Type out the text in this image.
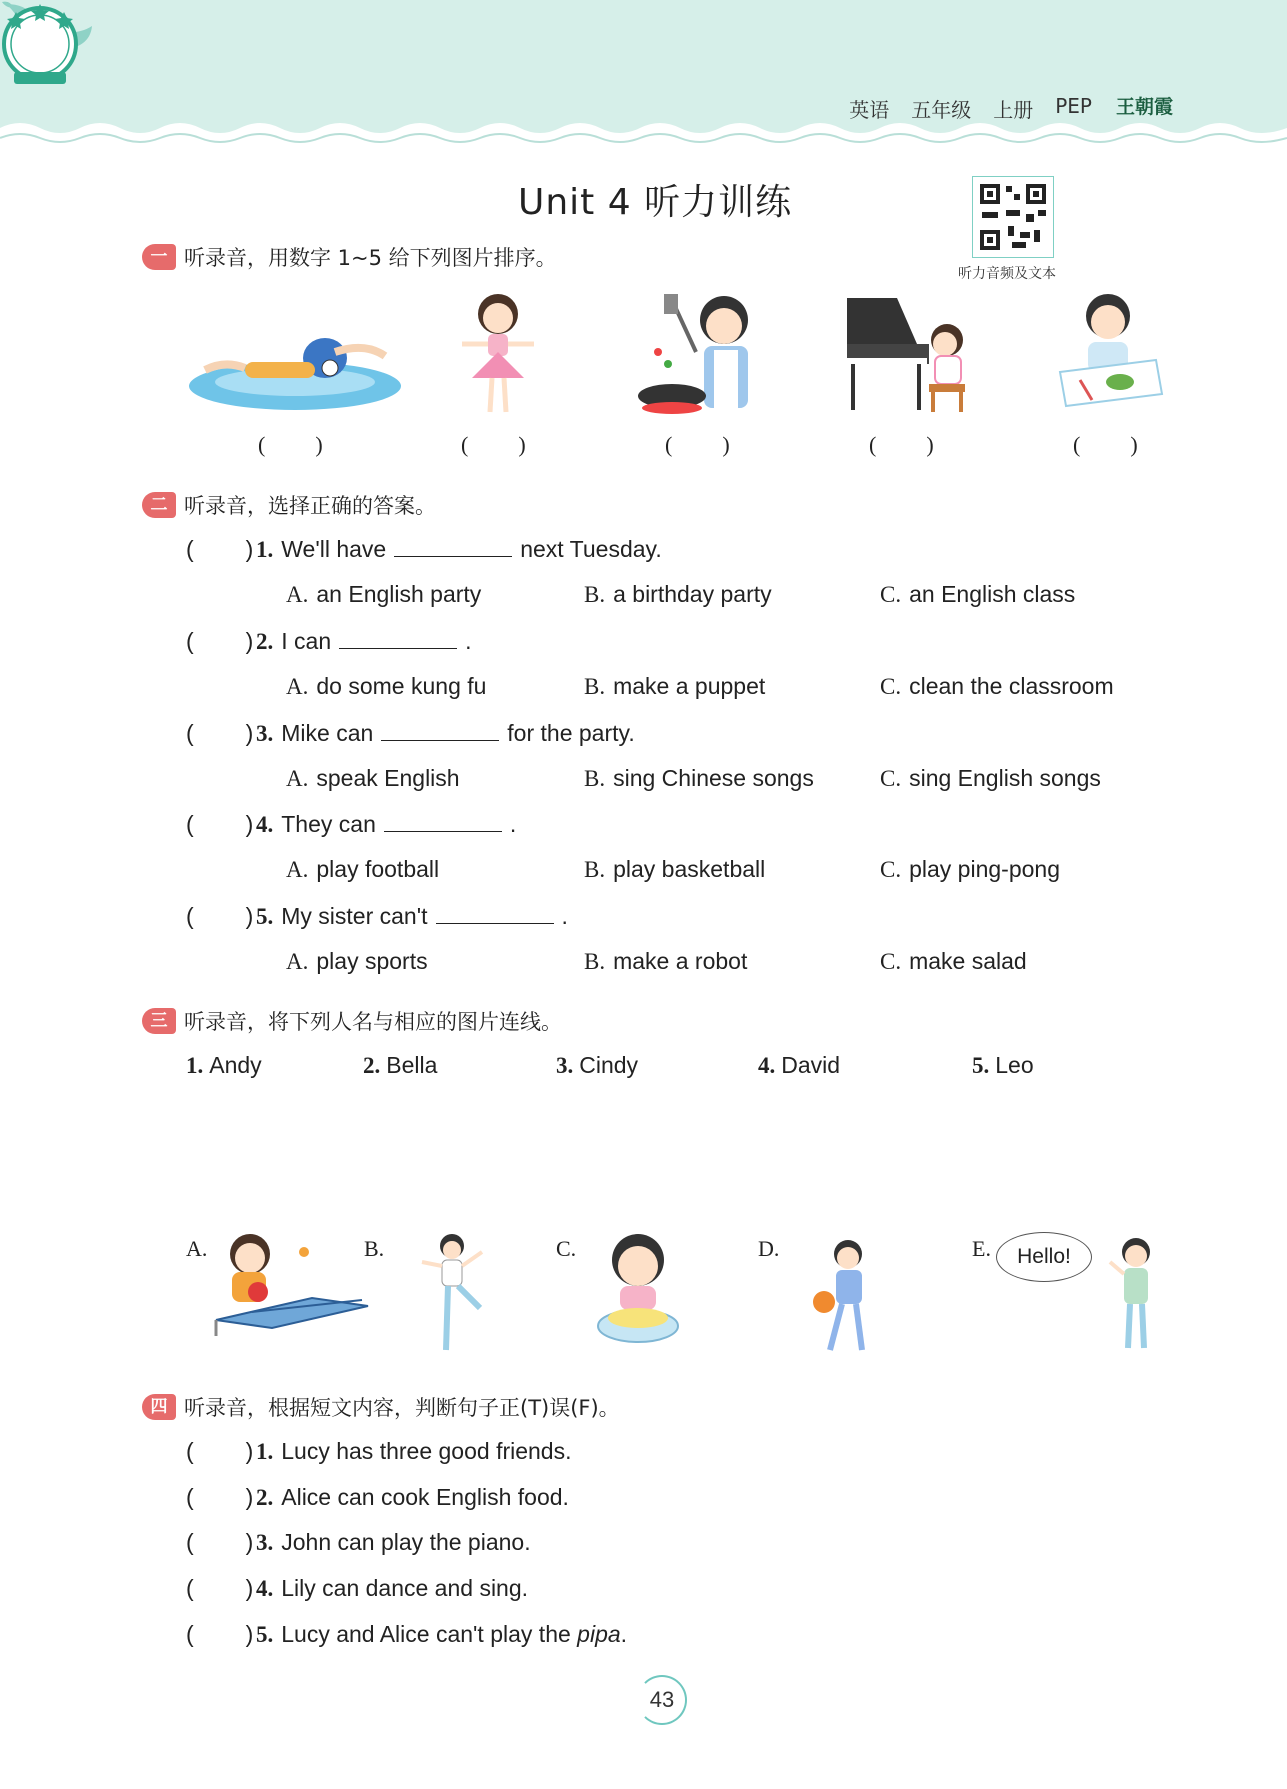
英语 五年级 上册 PEP 王朝霞
Unit 4 听力训练
听力音频及文本
一 听录音，用数字 1~5 给下列图片排序。
( )	( )	( )	( )	( )
二 听录音，选择正确的答案。
( ) 1. We'll have	next Tuesday.
A. an English party	B. a birthday party	C. an English class
( ) 2. I can	.
A. do some kung fu	B. make a puppet	C. clean the classroom
( ) 3. Mike can	for the party.
A. speak English	B. sing Chinese songs	C. sing English songs
( ) 4. They can	.
A. play football	B. play basketball	C. play ping-pong
( ) 5. My sister can't	.
A. play sports	B. make a robot	C. make salad
三 听录音，将下列人名与相应的图片连线。
1. Andy	2. Bella	3. Cindy	4. David	5. Leo
A.	B.	C.	D.	E.	Hello!
四 听录音，根据短文内容，判断句子正(T)误(F)。
( ) 1. Lucy has three good friends.
( ) 2. Alice can cook English food.
( ) 3. John can play the piano.
( ) 4. Lily can dance and sing.
( ) 5. Lucy and Alice can't play the pipa .
43
